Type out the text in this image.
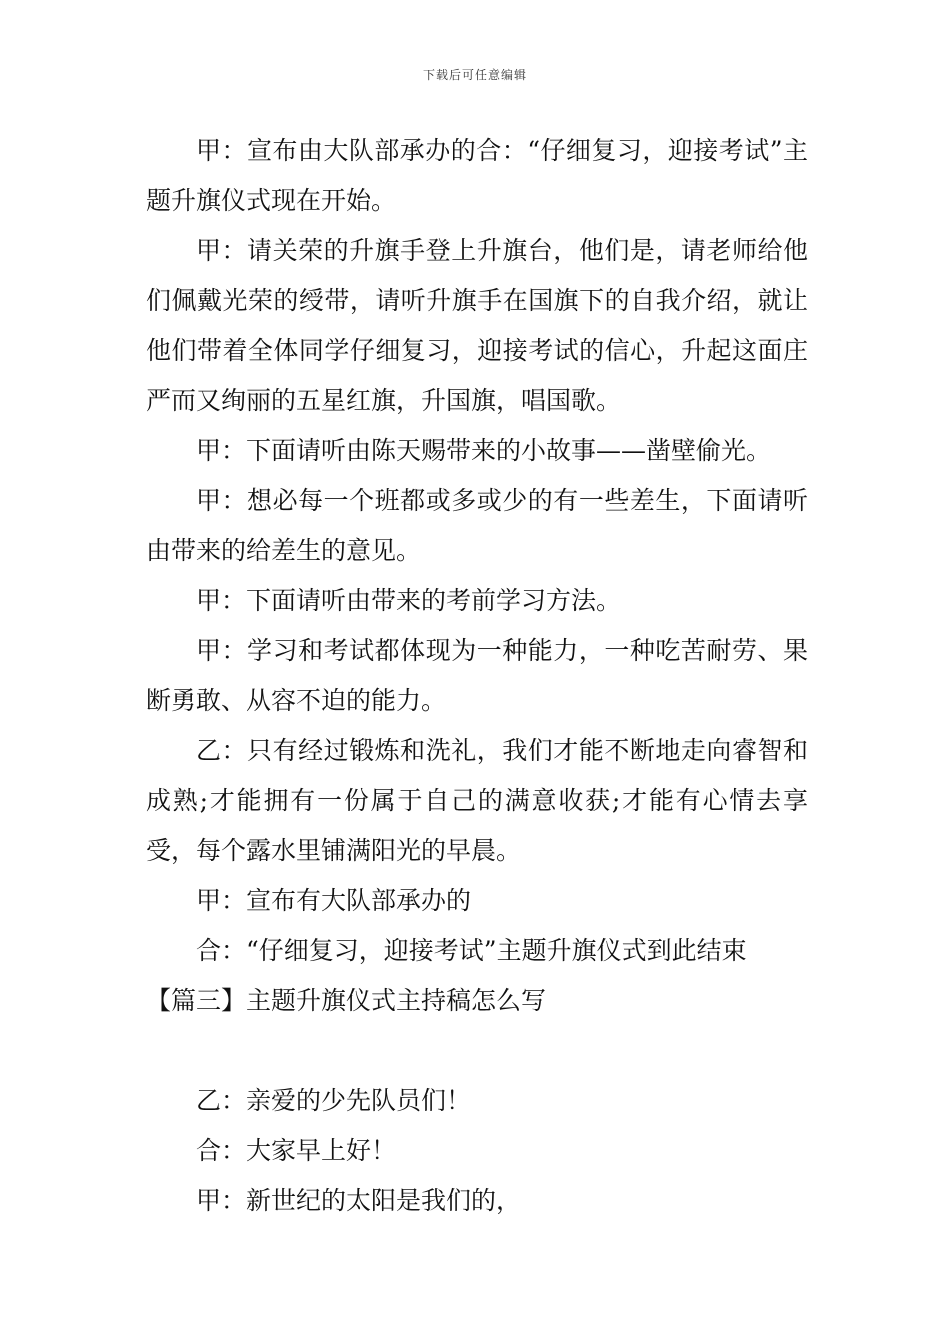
下载后可任意编辑

甲：宣布由大队部承办的合：“仔细复习，迎接考试”主题升旗仪式现在开始。

甲：请关荣的升旗手登上升旗台，他们是，请老师给他们佩戴光荣的绶带，请听升旗手在国旗下的自我介绍，就让他们带着全体同学仔细复习，迎接考试的信心，升起这面庄严而又绚丽的五星红旗，升国旗，唱国歌。

甲：下面请听由陈天赐带来的小故事——凿壁偷光。

甲：想必每一个班都或多或少的有一些差生，下面请听由带来的给差生的意见。

甲：下面请听由带来的考前学习方法。

甲：学习和考试都体现为一种能力，一种吃苦耐劳、果断勇敢、从容不迫的能力。

乙：只有经过锻炼和洗礼，我们才能不断地走向睿智和成熟;才能拥有一份属于自己的满意收获;才能有心情去享受，每个露水里铺满阳光的早晨。

甲：宣布有大队部承办的

合：“仔细复习，迎接考试”主题升旗仪式到此结束

【篇三】主题升旗仪式主持稿怎么写

乙：亲爱的少先队员们！

合：大家早上好！

甲：新世纪的太阳是我们的，
